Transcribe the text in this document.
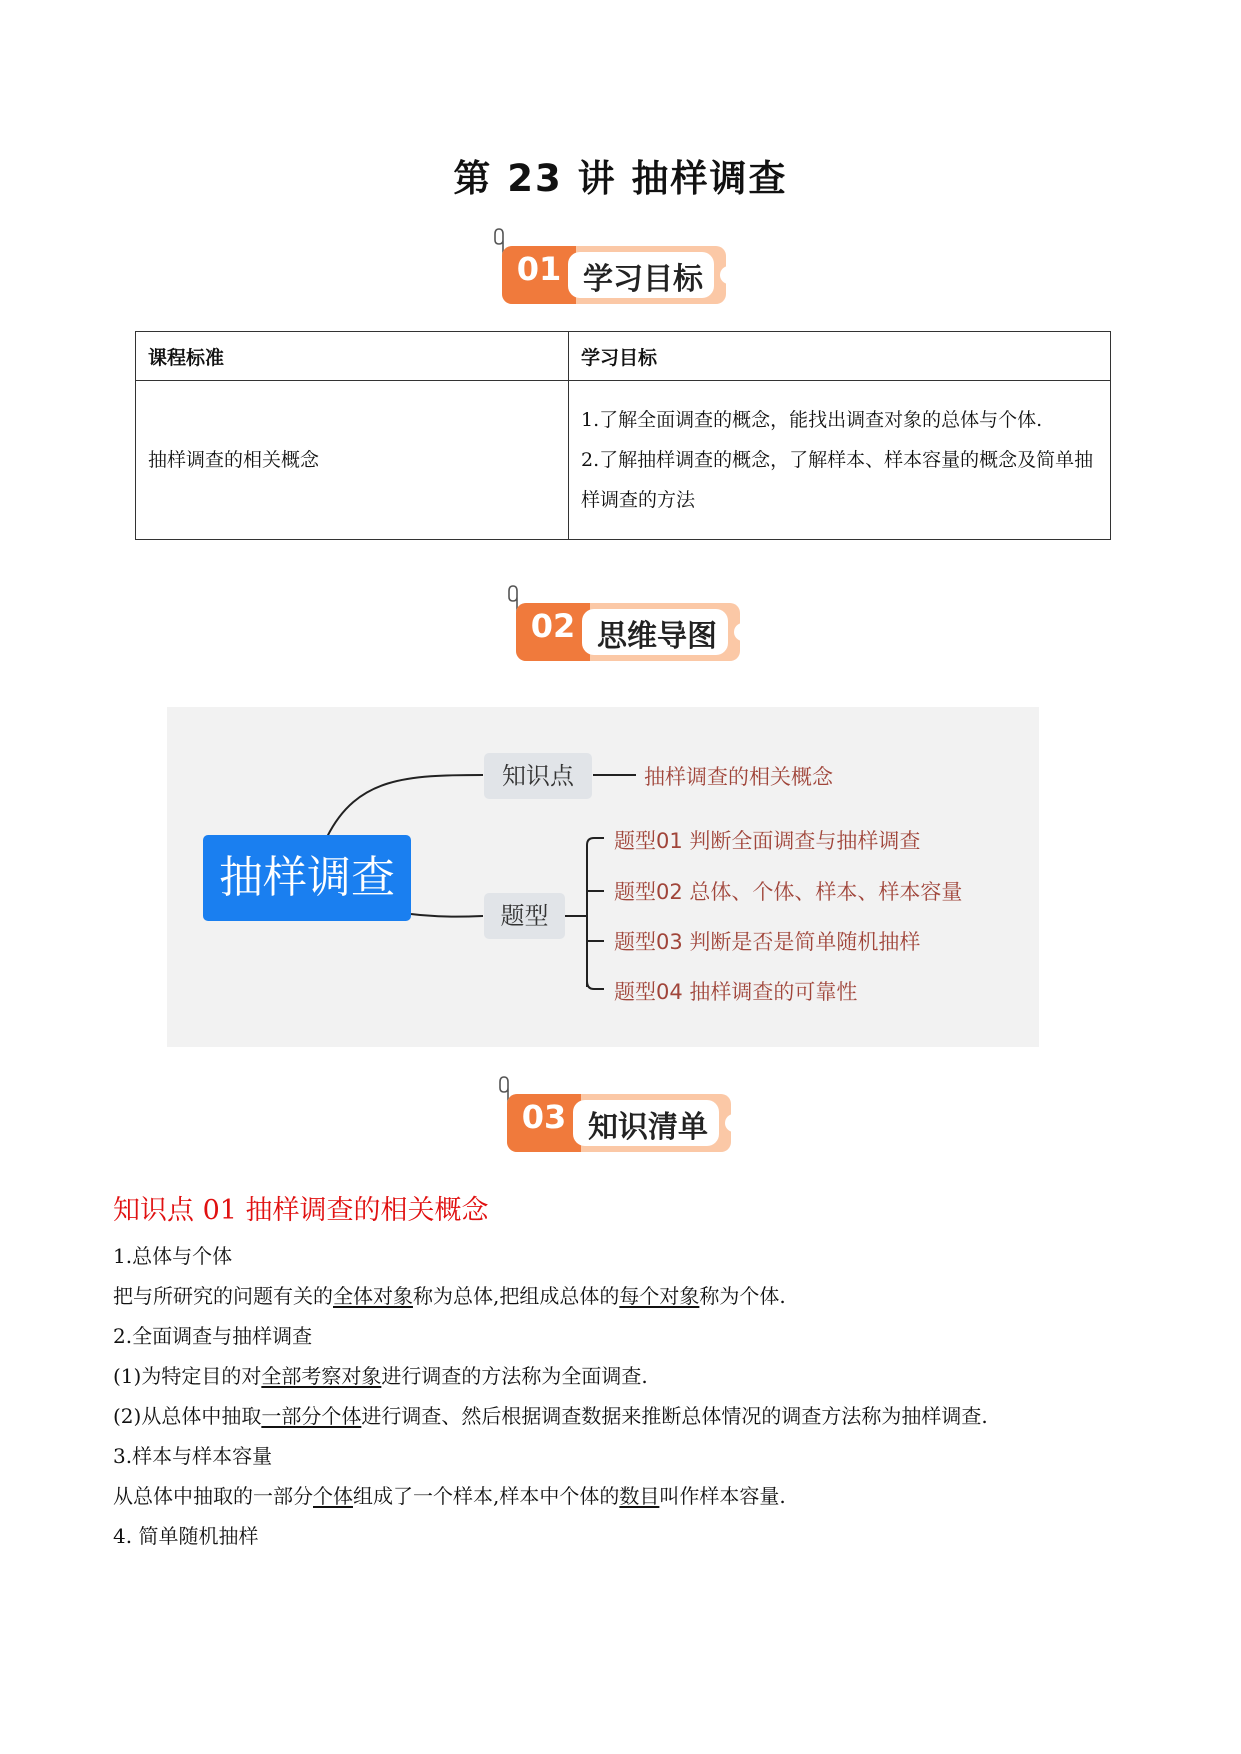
第 23 讲 抽样调查
01 学习目标
课程标准	学习目标
抽样调查的相关概念	1.了解全面调查的概念，能找出调查对象的总体与个体.
2.了解抽样调查的概念，了解样本、样本容量的概念及简单抽样调查的方法
02 思维导图
抽样调查
知识点
题型
抽样调查的相关概念
题型01 判断全面调查与抽样调查
题型02 总体、个体、样本、样本容量
题型03 判断是否是简单随机抽样
题型04 抽样调查的可靠性
03 知识清单
知识点 01 抽样调查的相关概念
1.总体与个体
把与所研究的问题有关的全体对象称为总体,把组成总体的每个对象称为个体.
2.全面调查与抽样调查
(1)为特定目的对全部考察对象进行调查的方法称为全面调查.
(2)从总体中抽取一部分个体进行调查、然后根据调查数据来推断总体情况的调查方法称为抽样调查.
3.样本与样本容量
从总体中抽取的一部分个体组成了一个样本,样本中个体的数目叫作样本容量.
4. 简单随机抽样
